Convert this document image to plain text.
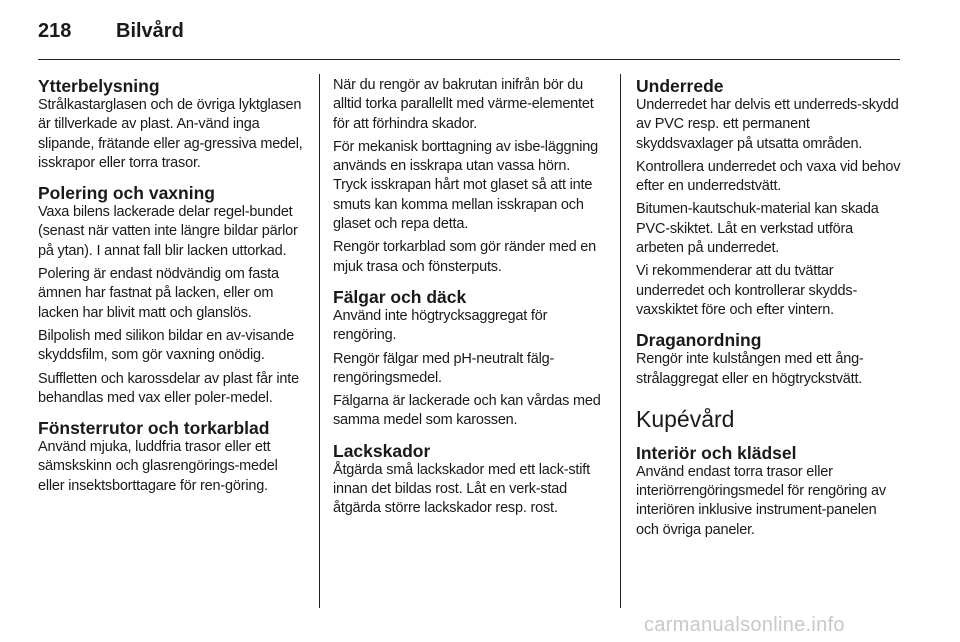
218	Bilvård
Ytterbelysning

Strålkastarglasen och de övriga lyktglasen är tillverkade av plast. An-vänd inga slipande, frätande eller ag-gressiva medel, isskrapor eller torra trasor.

Polering och vaxning

Vaxa bilens lackerade delar regel-bundet (senast när vatten inte längre bildar pärlor på ytan). I annat fall blir lacken uttorkad.

Polering är endast nödvändig om fasta ämnen har fastnat på lacken, eller om lacken har blivit matt och glanslös.

Bilpolish med silikon bildar en av-visande skyddsfilm, som gör vaxning onödig.

Suffletten och karossdelar av plast får inte behandlas med vax eller poler-medel.

Fönsterrutor och torkarblad

Använd mjuka, luddfria trasor eller ett sämskskinn och glasrengörings-medel eller insektsborttagare för ren-göring.

När du rengör av bakrutan inifrån bör du alltid torka parallellt med värme-elementet för att förhindra skador.

För mekanisk borttagning av isbe-läggning används en isskrapa utan vassa hörn. Tryck isskrapan hårt mot glaset så att inte smuts kan komma mellan isskrapan och glaset och repa detta.

Rengör torkarblad som gör ränder med en mjuk trasa och fönsterputs.

Fälgar och däck

Använd inte högtrycksaggregat för rengöring.

Rengör fälgar med pH-neutralt fälg-rengöringsmedel.

Fälgarna är lackerade och kan vårdas med samma medel som karossen.

Lackskador

Åtgärda små lackskador med ett lack-stift innan det bildas rost. Låt en verk-stad åtgärda större lackskador resp. rost.

Underrede

Underredet har delvis ett underreds-skydd av PVC resp. ett permanent skyddsvaxlager på utsatta områden.

Kontrollera underredet och vaxa vid behov efter en underredstvätt.

Bitumen-kautschuk-material kan skada PVC-skiktet. Låt en verkstad utföra arbeten på underredet.

Vi rekommenderar att du tvättar underredet och kontrollerar skydds-vaxskiktet före och efter vintern.

Draganordning

Rengör inte kulstången med ett ång-strålaggregat eller en högtryckstvätt.

Kupévård
Interiör och klädsel

Använd endast torra trasor eller interiörrengöringsmedel för rengöring av interiören inklusive instrument-panelen och övriga paneler.

carmanualsonline.info
